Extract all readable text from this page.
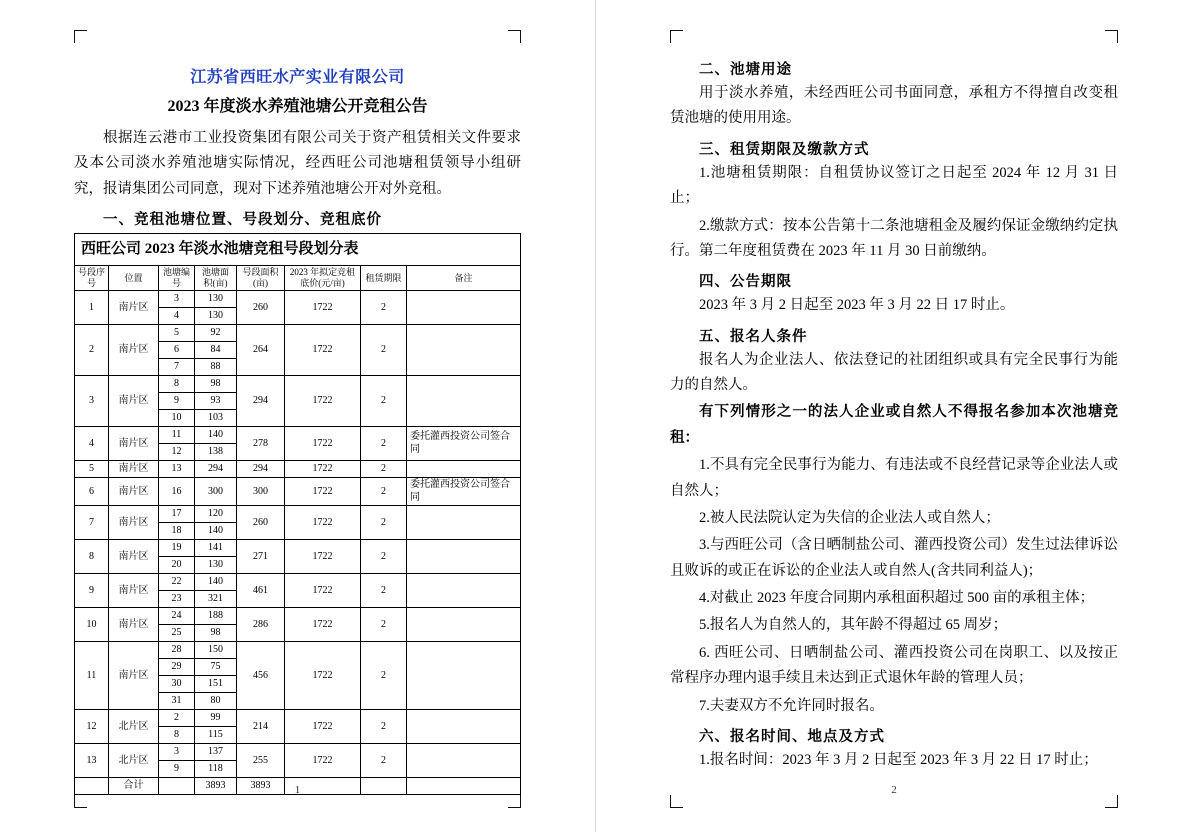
江苏省西旺水产实业有限公司
2023 年度淡水养殖池塘公开竞租公告

根据连云港市工业投资集团有限公司关于资产租赁相关文件要求及本公司淡水养殖池塘实际情况，经西旺公司池塘租赁领导小组研究，报请集团公司同意，现对下述养殖池塘公开对外竞租。

一、竞租池塘位置、号段划分、竞租底价
西旺公司 2023 年淡水池塘竞租号段划分表							
号段序号	位置	池塘编号	池塘面积(亩)	号段面积(亩)	2023 年拟定竞租底价(元/亩)	租赁期限	备注
1	南片区	3	130	260	1722	2	
		4	130				
2	南片区	5	92	264	1722	2	
		6	84				
		7	88				
3	南片区	8	98	294	1722	2	
		9	93				
		10	103				
4	南片区	11	140	278	1722	2	委托灌西投资公司签合同
		12	138				
5	南片区	13	294	294	1722	2	
6	南片区	16	300	300	1722	2	委托灌西投资公司签合同
7	南片区	17	120	260	1722	2	
		18	140				
8	南片区	19	141	271	1722	2	
		20	130				
9	南片区	22	140	461	1722	2	
		23	321				
10	南片区	24	188	286	1722	2	
		25	98				
11	南片区	28	150	456	1722	2	
		29	75				
		30	151				
		31	80				
12	北片区	2	99	214	1722	2	
		8	115				
13	北片区	3	137	255	1722	2	
		9	118				
	合计		3893	3893				1
二、池塘用途

用于淡水养殖，未经西旺公司书面同意，承租方不得擅自改变租赁池塘的使用用途。

三、租赁期限及缴款方式

1.池塘租赁期限：自租赁协议签订之日起至 2024 年 12 月 31 日止；

2.缴款方式：按本公告第十二条池塘租金及履约保证金缴纳约定执行。第二年度租赁费在 2023 年 11 月 30 日前缴纳。

四、公告期限

2023 年 3 月 2 日起至 2023 年 3 月 22 日 17 时止。

五、报名人条件

报名人为企业法人、依法登记的社团组织或具有完全民事行为能力的自然人。

有下列情形之一的法人企业或自然人不得报名参加本次池塘竞租：

1.不具有完全民事行为能力、有违法或不良经营记录等企业法人或自然人；

2.被人民法院认定为失信的企业法人或自然人；

3.与西旺公司（含日晒制盐公司、灌西投资公司）发生过法律诉讼且败诉的或正在诉讼的企业法人或自然人(含共同利益人)；

4.对截止 2023 年度合同期内承租面积超过 500 亩的承租主体；

5.报名人为自然人的，其年龄不得超过 65 周岁；

6. 西旺公司、日晒制盐公司、灌西投资公司在岗职工、以及按正常程序办理内退手续且未达到正式退休年龄的管理人员；

7.夫妻双方不允许同时报名。

六、报名时间、地点及方式

1.报名时间：2023 年 3 月 2 日起至 2023 年 3 月 22 日 17 时止；

2
